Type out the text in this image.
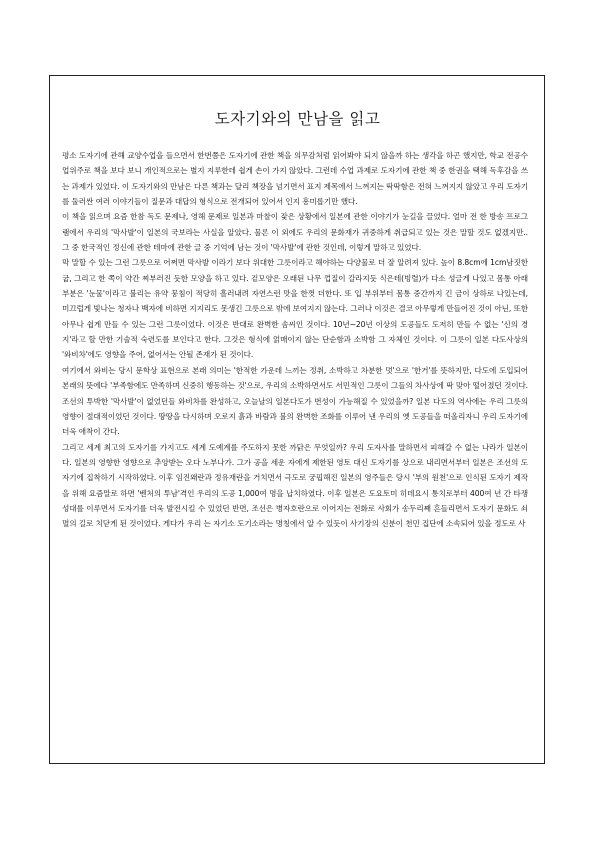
도자기와의 만남을 읽고

평소 도자기에 관해 교양수업을 들으면서 한번쯤은 도자기에 관한 책을 의무감처럼 읽어봐야 되지 않을까 하는 생각을 하곤 했지만, 학교 전공수업위주로 책을 보다 보니 개인적으로는 별지 지루한데 쉽게 손이 가지 않았다. 그런데 수업 과제로 도자기에 관한 책 중 한권을 택해 독후감을 쓰는 과제가 있었다. 이 도자기와의 만남은 다른 책과는 달리 책장을 넘기면서 표지 제목에서 느껴지는 딱딱함은 전혀 느껴지지 않았고 우리 도자기를 둘러싼 여러 이야기들이 질문과 대답의 형식으로 전개되어 있어서 인지 흥미롭기만 했다.

이 책을 읽으며 요즘 한참 독도 문제나, 영해 문제로 일본과 마찰이 잦은 상황에서 일본에 관한 이야기가 눈길을 끌었다. 얼마 전 한 방송 프로그램에서 우리의 '막사발'이 일본의 국보라는 사실을 알았다. 물론 이 외에도 우리의 문화재가 귀중하게 취급되고 있는 것은 말할 것도 없겠지만.. 그 중 한국적인 정신에 관한 테마에 관한 글 중 기억에 남는 것이 '막사발'에 관한 것인데, 이렇게 말하고 있었다.

막 말할 수 있는 그런 그릇으로 어쩌면 막사발 이라기 보다 위대한 그릇이라고 해야하는 다양물로 더 잘 알려져 있다. 높이 8.8cm에 1cm남짓한 굽, 그리고 한 쪽이 약간 찌부러진 듯한 모양을 하고 있다. 겉모양은 오래된 나무 껍질이 갈라지듯 식은테(빙렬)가 다소 성글게 나있고 몸통 아래 부분은 '눈물'이라고 불리는 유약 뭉침이 적당히 흘러내려 자연스런 맛을 한껏 더한다. 또 입 부위부터 몸통 중간까지 긴 금이 상하로 나있는데, 미끄럽게 빛나는 청자나 백자에 비하면 지지리도 못생긴 그릇으로 밖에 보여지지 않는다. 그러나 이것은 결코 아무렇게 만들어진 것이 아닌, 또한 아무나 쉽게 만들 수 있는 그런 그릇이었다. 이것은 반대로 완벽한 솜씨인 것이다. 10년~20년 이상의 도공들도 도저히 만들 수 없는 '신의 경지'라고 할 만한 기술적 숙련도를 보인다고 한다. 그것은 형식에 얽매이지 않는 단순함과 소박함 그 자체인 것이다. 이 그릇이 일본 다도사상의 '와비차'에도 영향을 주어, 없어서는 안될 존재가 된 것이다.

여기에서 와비는 당시 문학상 표현으로 본래 의미는 '한적한 가운데 느끼는 정취, 소박하고 차분한 멋'으로 '한거'를 뜻하지만, 다도에 도입되어 본래의 뜻에다 '부족함에도 만족하며 신중히 행동하는 것'으로, 우리의 소박하면서도 서민적인 그릇이 그들의 차사상에 딱 맞아 떨어졌던 것이다. 조선의 투박한 '막사발'이 없었던들 와비차를 완성하고, 오늘날의 일본다도가 번성이 가능해질 수 있었을까? 일본 다도의 역사에는 우리 그릇의 영향이 절대적이었던 것이다. 땅땅을 다시하며 오로지 흙과 바람과 불의 완벽한 조화를 이루어 낸 우리의 옛 도공들을 떠올리자니 우리 도자기에 더욱 애착이 간다.

그리고 세계 최고의 도자기를 가지고도 세계 도예계를 주도하지 못한 까닭은 무엇일까? 우리 도자사를 말하면서 피해갈 수 없는 나라가 일본이다. 일본의 영향한 영향으로 추앙받는 오다 노부나가. 그가 공을 세운 자에게 제한된 영토 대신 도자기를 상으로 내리면서부터 일본은 조선의 도자기에 집착하기 시작하였다. 이후 임진왜란과 정유재란을 거치면서 극도로 궁핍해진 일본의 영주들은 당시 '부의 원천'으로 인식된 도자기 제작을 위해 요즘말로 하면 '벤처의 투남'격인 우리의 도공 1,000여 명을 납치하였다. 이후 일본은 도요토미 히데요시 통치로부터 400여 년 간 타쟁성대를 이루면서 도자기를 더욱 발전시킬 수 있었던 반면, 조선은 병자호란으로 이어지는 전화로 사회가 송두리째 흔들리면서 도자기 문화도 쇠멸의 길로 치닫게 된 것이었다. 게다가 우리 는 자기소 도기소라는 명칭에서 알 수 있듯이 사기장의 신분이 천민 집단에 소속되어 있을 정도로 사
